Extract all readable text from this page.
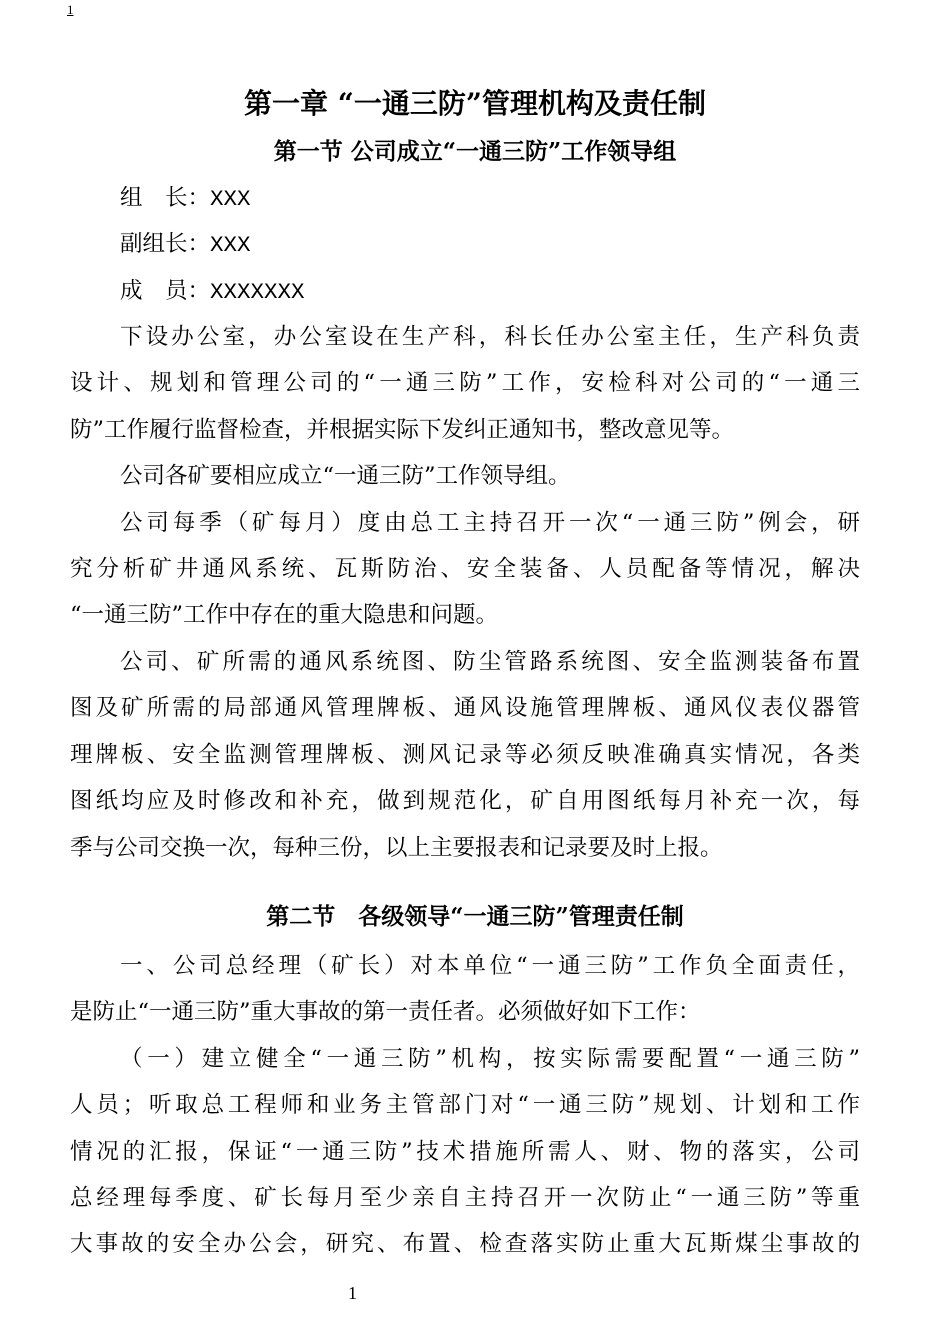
1
第一章 “一通三防”管理机构及责任制
第一节 公司成立“一通三防”工作领导组
组　长：XXX
副组长：XXX
成　员：XXXXXXX
下设办公室，办公室设在生产科，科长任办公室主任，生产科负责
设计、规划和管理公司的“一通三防”工作，安检科对公司的“一通三
防”工作履行监督检查，并根据实际下发纠正通知书，整改意见等。
公司各矿要相应成立“一通三防”工作领导组。
公司每季（矿每月）度由总工主持召开一次“一通三防”例会，研
究分析矿井通风系统、瓦斯防治、安全装备、人员配备等情况，解决
“一通三防”工作中存在的重大隐患和问题。
公司、矿所需的通风系统图、防尘管路系统图、安全监测装备布置
图及矿所需的局部通风管理牌板、通风设施管理牌板、通风仪表仪器管
理牌板、安全监测管理牌板、测风记录等必须反映准确真实情况，各类
图纸均应及时修改和补充，做到规范化，矿自用图纸每月补充一次，每
季与公司交换一次，每种三份，以上主要报表和记录要及时上报。
第二节　各级领导“一通三防”管理责任制
一、公司总经理（矿长）对本单位“一通三防”工作负全面责任，
是防止“一通三防”重大事故的第一责任者。必须做好如下工作：
（一）建立健全“一通三防”机构，按实际需要配置“一通三防”
人员；听取总工程师和业务主管部门对“一通三防”规划、计划和工作
情况的汇报，保证“一通三防”技术措施所需人、财、物的落实，公司
总经理每季度、矿长每月至少亲自主持召开一次防止“一通三防”等重
大事故的安全办公会，研究、布置、检查落实防止重大瓦斯煤尘事故的
1
